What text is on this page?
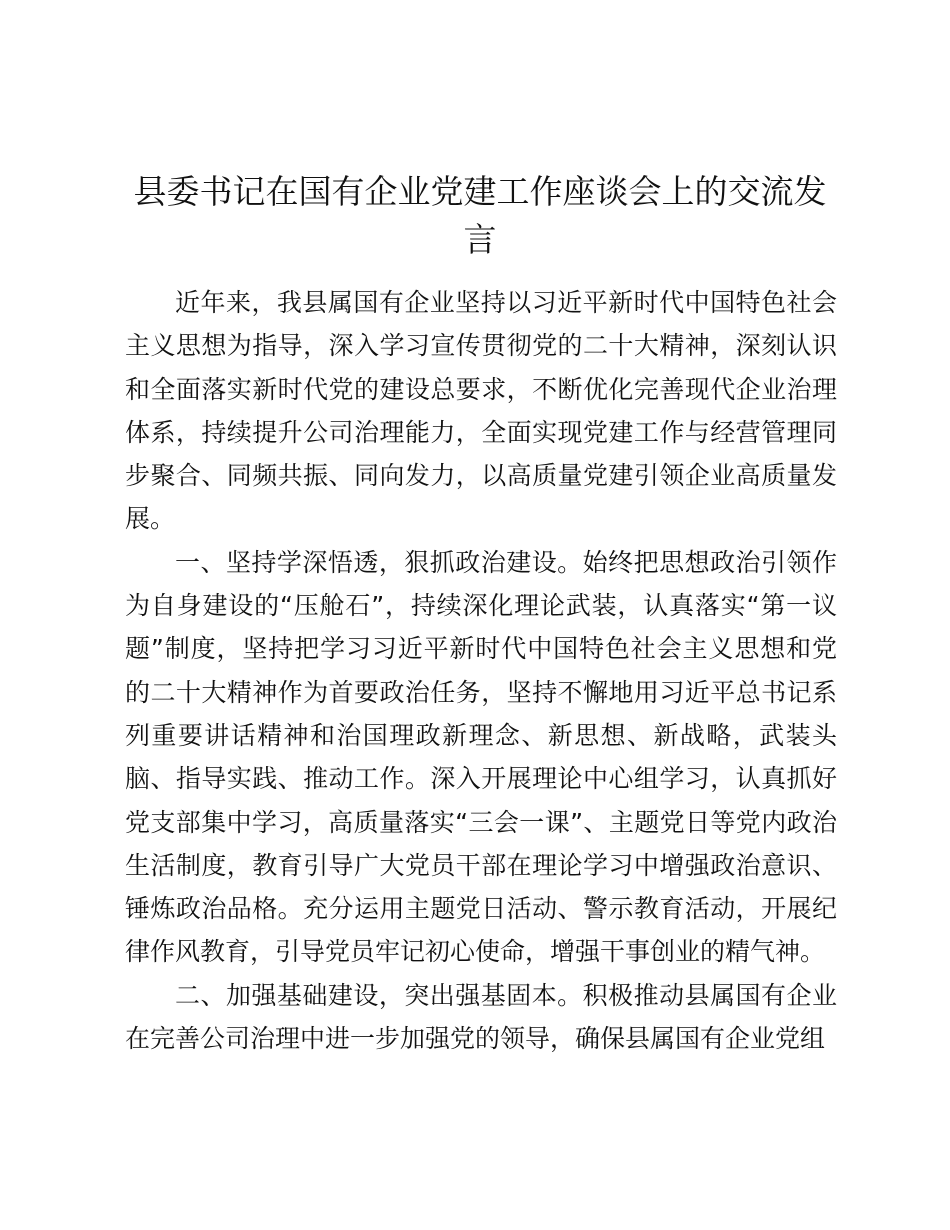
县委书记在国有企业党建工作座谈会上的交流发言

近年来，我县属国有企业坚持以习近平新时代中国特色社会主义思想为指导，深入学习宣传贯彻党的二十大精神，深刻认识和全面落实新时代党的建设总要求，不断优化完善现代企业治理体系，持续提升公司治理能力，全面实现党建工作与经营管理同步聚合、同频共振、同向发力，以高质量党建引领企业高质量发展。

一、坚持学深悟透，狠抓政治建设。始终把思想政治引领作为自身建设的“压舱石”，持续深化理论武装，认真落实“第一议题”制度，坚持把学习习近平新时代中国特色社会主义思想和党的二十大精神作为首要政治任务，坚持不懈地用习近平总书记系列重要讲话精神和治国理政新理念、新思想、新战略，武装头脑、指导实践、推动工作。深入开展理论中心组学习，认真抓好党支部集中学习，高质量落实“三会一课”、主题党日等党内政治生活制度，教育引导广大党员干部在理论学习中增强政治意识、锤炼政治品格。充分运用主题党日活动、警示教育活动，开展纪律作风教育，引导党员牢记初心使命，增强干事创业的精气神。

二、加强基础建设，突出强基固本。积极推动县属国有企业在完善公司治理中进一步加强党的领导，确保县属国有企业党组
